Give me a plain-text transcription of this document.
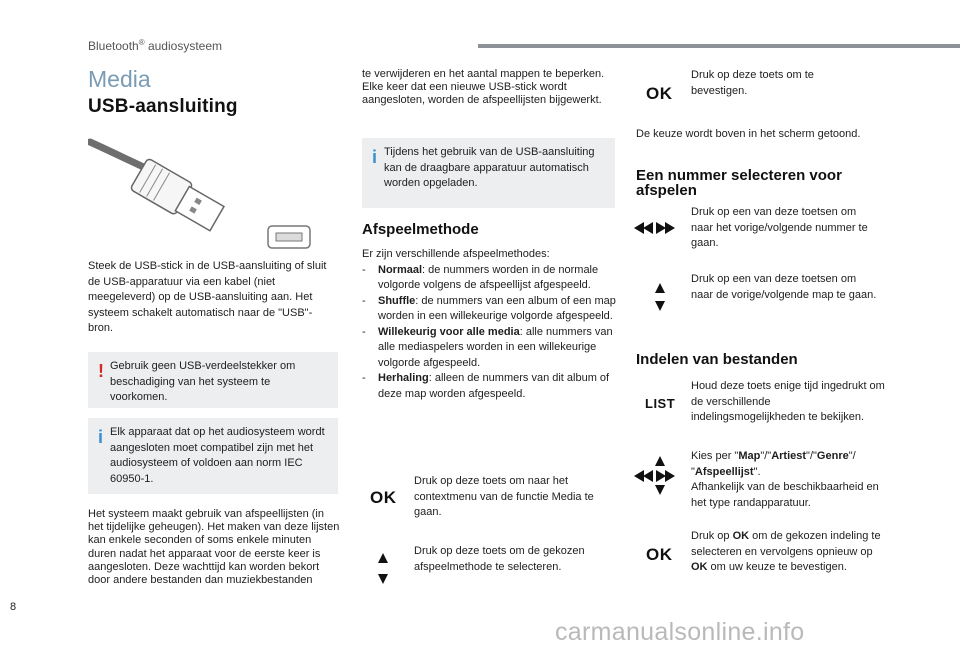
Bluetooth® audiosysteem
Media
USB-aansluiting
Steek de USB-stick in de USB-aansluiting of sluit de USB-apparatuur via een kabel (niet meegeleverd) op de USB-aansluiting aan. Het systeem schakelt automatisch naar de "USB"-bron.
! Gebruik geen USB-verdeelstekker om beschadiging van het systeem te voorkomen.
i Elk apparaat dat op het audiosysteem wordt aangesloten moet compatibel zijn met het audiosysteem of voldoen aan norm IEC 60950-1.
Het systeem maakt gebruik van afspeellijsten (in het tijdelijke geheugen). Het maken van deze lijsten kan enkele seconden of soms enkele minuten duren nadat het apparaat voor de eerste keer is aangesloten. Deze wachttijd kan worden bekort door andere bestanden dan muziekbestanden
te verwijderen en het aantal mappen te beperken. Elke keer dat een nieuwe USB-stick wordt aangesloten, worden de afspeellijsten bijgewerkt.
i Tijdens het gebruik van de USB-aansluiting kan de draagbare apparatuur automatisch worden opgeladen.
Afspeelmethode
Er zijn verschillende afspeelmethodes:
- Normaal: de nummers worden in de normale volgorde volgens de afspeellijst afgespeeld.
- Shuffle: de nummers van een album of een map worden in een willekeurige volgorde afgespeeld.
- Willekeurig voor alle media: alle nummers van alle mediaspelers worden in een willekeurige volgorde afgespeeld.
- Herhaling: alleen de nummers van dit album of deze map worden afgespeeld.
OK
Druk op deze toets om naar het contextmenu van de functie Media te gaan.
Druk op deze toets om de gekozen afspeelmethode te selecteren.
OK
Druk op deze toets om te bevestigen.
De keuze wordt boven in het scherm getoond.
Een nummer selecteren voor afspelen
Druk op een van deze toetsen om naar het vorige/volgende nummer te gaan.
Druk op een van deze toetsen om naar de vorige/volgende map te gaan.
Indelen van bestanden
LIST
Houd deze toets enige tijd ingedrukt om de verschillende indelingsmogelijkheden te bekijken.
Kies per "Map"/"Artiest"/"Genre"/ "Afspeellijst".
Afhankelijk van de beschikbaarheid en het type randapparatuur.
OK
Druk op OK om de gekozen indeling te selecteren en vervolgens opnieuw op OK om uw keuze te bevestigen.
8
carmanualsonline.info
